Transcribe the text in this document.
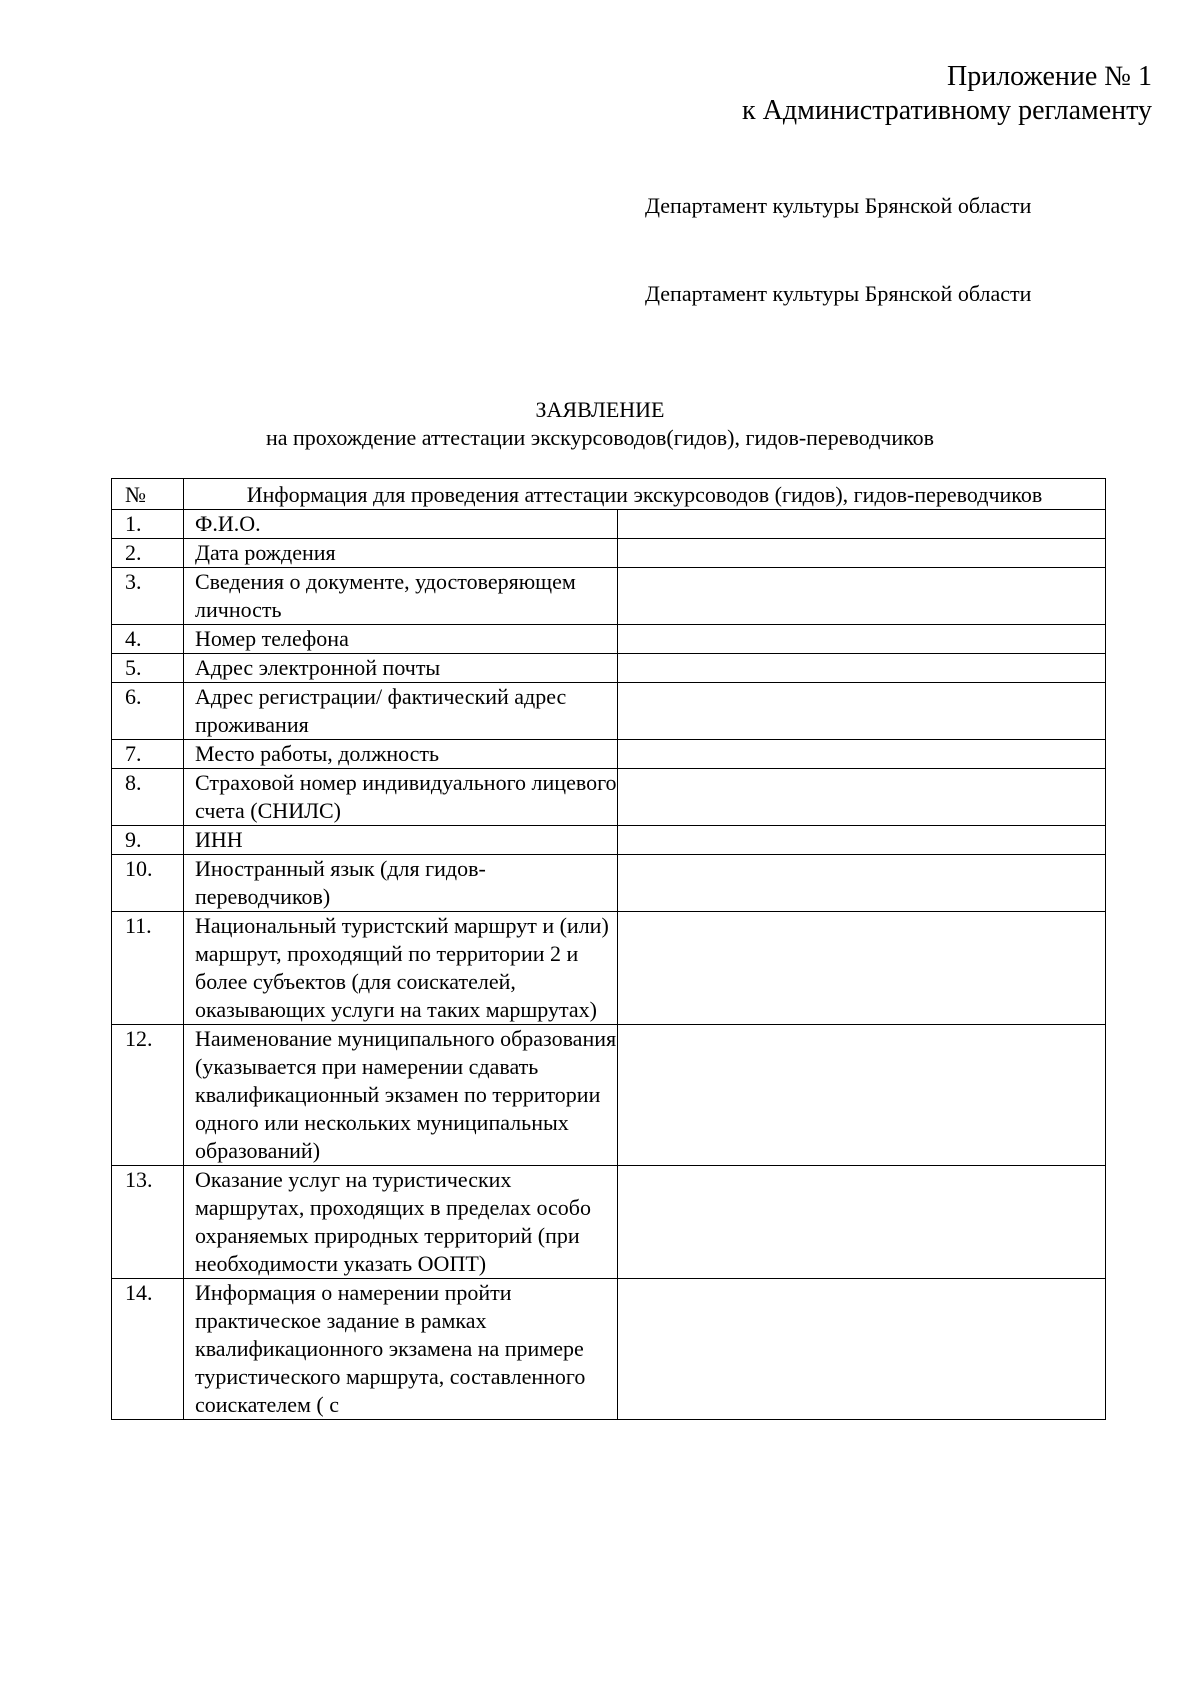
Приложение № 1
к Административному регламенту
Департамент культуры Брянской области
Департамент культуры Брянской области
ЗАЯВЛЕНИЕ
на прохождение аттестации экскурсоводов(гидов), гидов-переводчиков
№	Информация для проведения аттестации экскурсоводов (гидов), гидов-переводчиков	
1.	Ф.И.О.	
2.	Дата рождения	
3.	Сведения о документе, удостоверяющем личность	
4.	Номер телефона	
5.	Адрес электронной почты	
6.	Адрес регистрации/ фактический адрес проживания	
7.	Место работы, должность	
8.	Страховой номер индивидуального лицевого счета (СНИЛС)	
9.	ИНН	
10.	Иностранный язык (для гидов-переводчиков)	
11.	Национальный туристский маршрут и (или) маршрут, проходящий по территории 2 и более субъектов (для соискателей, оказывающих услуги на таких маршрутах)	
12.	Наименование муниципального образования (указывается при намерении сдавать квалификационный экзамен по территории одного или нескольких муниципальных образований)	
13.	Оказание услуг на туристических маршрутах, проходящих в пределах особо охраняемых природных территорий (при необходимости указать ООПТ)	
14.	Информация о намерении пройти практическое задание в рамках квалификационного экзамена на примере туристического маршрута, составленного соискателем ( с	
